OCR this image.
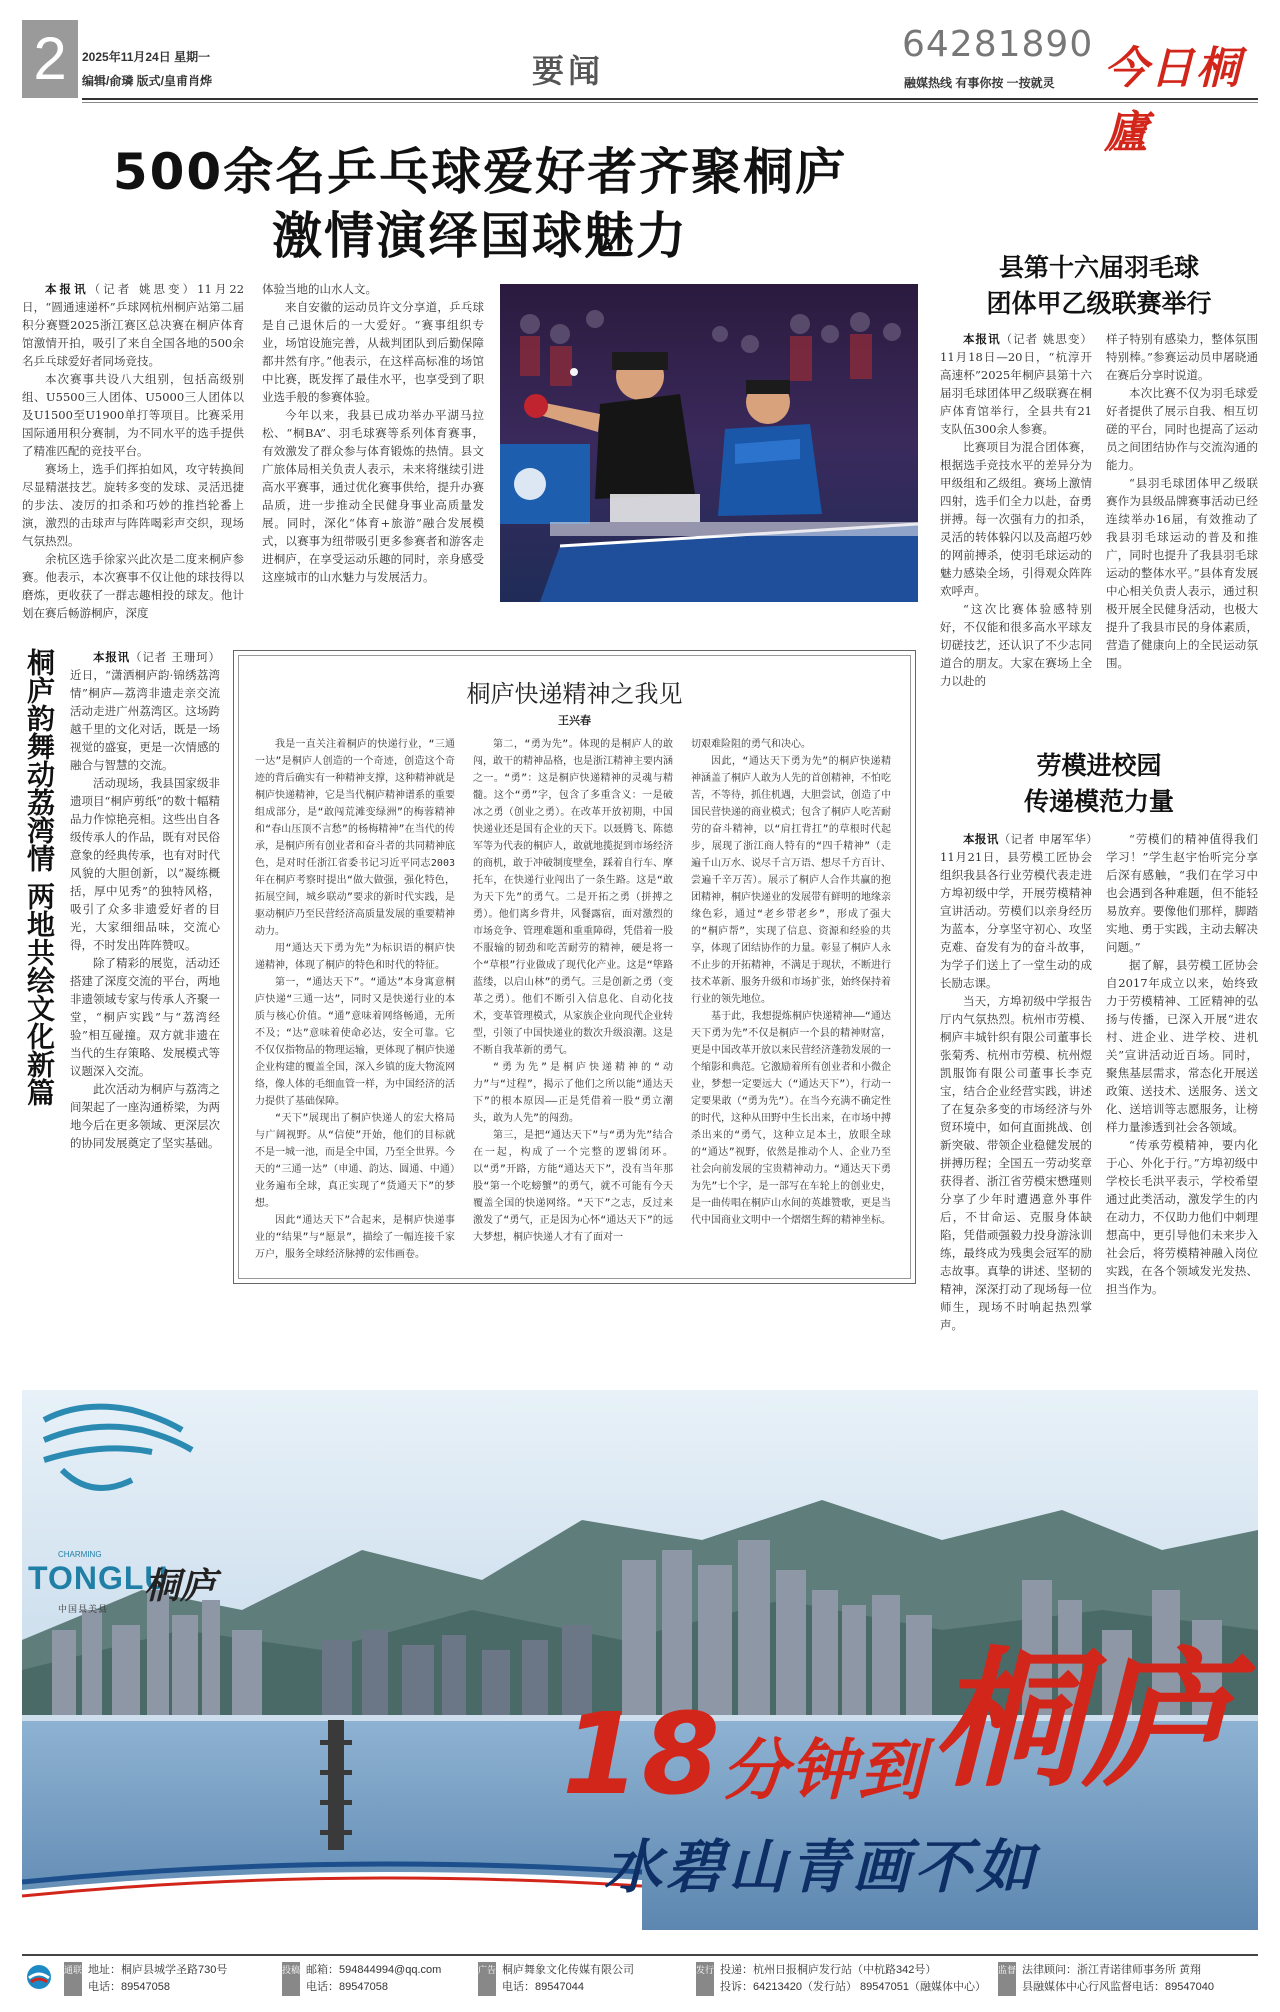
2	2025年11月24日 星期一
编辑/俞璘 版式/皇甫肖烨	要闻
64281890
融媒热线 有事你按 一按就灵 今日桐廬
500余名乒乓球爱好者齐聚桐庐
激情演绎国球魅力

本报讯（记者 姚思变）11月22日，“圆通速递杯”乒球网杭州桐庐站第二届积分赛暨2025浙江赛区总决赛在桐庐体育馆激情开拍，吸引了来自全国各地的500余名乒乓球爱好者同场竞技。

本次赛事共设八大组别，包括高级别组、U5500三人团体、U5000三人团体以及U1500至U1900单打等项目。比赛采用国际通用积分赛制，为不同水平的选手提供了精准匹配的竞技平台。

赛场上，选手们挥拍如风，攻守转换间尽显精湛技艺。旋转多变的发球、灵活迅捷的步法、凌厉的扣杀和巧妙的推挡轮番上演，激烈的击球声与阵阵喝彩声交织，现场气氛热烈。

余杭区选手徐家兴此次是二度来桐庐参赛。他表示，本次赛事不仅让他的球技得以磨炼，更收获了一群志趣相投的球友。他计划在赛后畅游桐庐，深度

体验当地的山水人文。

来自安徽的运动员许文分享道，乒乓球是自己退休后的一大爱好。“赛事组织专业，场馆设施完善，从裁判团队到后勤保障都井然有序。”他表示，在这样高标准的场馆中比赛，既发挥了最佳水平，也享受到了职业选手般的参赛体验。

今年以来，我县已成功举办平湖马拉松、“桐BA”、羽毛球赛等系列体育赛事，有效激发了群众参与体育锻炼的热情。县文广旅体局相关负责人表示，未来将继续引进高水平赛事，通过优化赛事供给，提升办赛品质，进一步推动全民健身事业高质量发展。同时，深化“体育+旅游”融合发展模式，以赛事为纽带吸引更多参赛者和游客走进桐庐，在享受运动乐趣的同时，亲身感受这座城市的山水魅力与发展活力。

县第十六届羽毛球
团体甲乙级联赛举行

本报讯（记者 姚思变）11月18日—20日，“杭淳开高速杯”2025年桐庐县第十六届羽毛球团体甲乙级联赛在桐庐体育馆举行，全县共有21支队伍300余人参赛。

比赛项目为混合团体赛，根据选手竞技水平的差异分为甲级组和乙级组。赛场上激情四射，选手们全力以赴，奋勇拼搏。每一次强有力的扣杀，灵活的转体躲闪以及高超巧妙的网前搏杀，使羽毛球运动的魅力感染全场，引得观众阵阵欢呼声。

“这次比赛体验感特别好，不仅能和很多高水平球友切磋技艺，还认识了不少志同道合的朋友。大家在赛场上全力以赴的

样子特别有感染力，整体氛围特别棒。”参赛运动员申屠晓通在赛后分享时说道。

本次比赛不仅为羽毛球爱好者提供了展示自我、相互切磋的平台，同时也提高了运动员之间团结协作与交流沟通的能力。

“县羽毛球团体甲乙级联赛作为县级品牌赛事活动已经连续举办16届，有效推动了我县羽毛球运动的普及和推广，同时也提升了我县羽毛球运动的整体水平。”县体育发展中心相关负责人表示，通过积极开展全民健身活动，也极大提升了我县市民的身体素质，营造了健康向上的全民运动氛围。

桐庐韵舞动荔湾情 两地共绘文化新篇	本报讯（记者 王珊珂）近日，“潇洒桐庐韵·锦绣荔湾情”桐庐—荔湾非遗走亲交流活动走进广州荔湾区。这场跨越千里的文化对话，既是一场视觉的盛宴，更是一次情感的融合与智慧的交流。

活动现场，我县国家级非遗项目“桐庐剪纸”的数十幅精品力作惊艳亮相。这些出自各级传承人的作品，既有对民俗意象的经典传承，也有对时代风貌的大胆创新，以“凝练概括，厚中见秀”的独特风格，吸引了众多非遗爱好者的目光，大家细细品味，交流心得，不时发出阵阵赞叹。

除了精彩的展览，活动还搭建了深度交流的平台，两地非遗领域专家与传承人齐聚一堂，“桐庐实践”与“荔湾经验”相互碰撞。双方就非遗在当代的生存策略、发展模式等议题深入交流。

此次活动为桐庐与荔湾之间架起了一座沟通桥梁，为两地今后在更多领域、更深层次的协同发展奠定了坚实基础。

桐庐快递精神之我见
王兴春

我是一直关注着桐庐的快递行业，“三通一达”是桐庐人创造的一个奇迹，创造这个奇迹的背后确实有一种精神支撑，这种精神就是桐庐快递精神，它是当代桐庐精神谱系的重要组成部分，是“敢闯荒滩变绿洲”的梅蓉精神和“春山压顶不言愁”的杨梅精神”在当代的传承，是桐庐所有创业者和奋斗者的共同精神底色，是对时任浙江省委书记习近平同志2003年在桐庐考察时提出“做大做强，强化特色，拓展空间，城乡联动”要求的新时代实践，是驱动桐庐乃至民营经济高质量发展的重要精神动力。

用“通达天下勇为先”为标识语的桐庐快递精神，体现了桐庐的特色和时代的特征。

第一，“通达天下”。“通达”本身寓意桐庐快递“三通一达”，同时又是快递行业的本质与核心价值。“通”意味着网络畅通，无所不及；“达”意味着使命必达，安全可靠。它不仅仅指物品的物理运输，更体现了桐庐快递企业构建的覆盖全国，深入乡镇的庞大物流网络，像人体的毛细血管一样，为中国经济的活力提供了基础保障。

“天下”展现出了桐庐快递人的宏大格局与广阔视野。从“信使”开始，他们的目标就不是一城一池，而是全中国，乃至全世界。今天的“三通一达”（申通、韵达、圆通、中通）业务遍布全球，真正实现了“货通天下”的梦想。

因此“通达天下”合起来，是桐庐快递事业的“结果”与“愿景”，描绘了一幅连接千家万户，服务全球经济脉搏的宏伟画卷。

第二，“勇为先”。体现的是桐庐人的敢闯，敢干的精神品格，也是浙江精神主要内涵之一。“勇”：这是桐庐快递精神的灵魂与精髓。这个“勇”字，包含了多重含义：一是破冰之勇（创业之勇）。在改革开放初期，中国快递业还是国有企业的天下。以聂腾飞、陈德军等为代表的桐庐人，敢就地揽捉到市场经济的商机，敢于冲破制度壁垒，踩着自行车、摩托车，在快递行业闯出了一条生路。这是“敢为天下先”的勇气。二是开拓之勇（拼搏之勇）。他们离乡背井，风餐露宿，面对激烈的市场竞争、管理难题和重重障碍，凭借着一股不服输的韧劲和吃苦耐劳的精神，硬是将一个“草根”行业做成了现代化产业。这是“筚路蓝缕，以启山林”的勇气。三是创新之勇（变革之勇）。他们不断引入信息化、自动化技术，变革管理模式，从家族企业向现代企业转型，引领了中国快递业的数次升级浪潮。这是不断自我革新的勇气。

“勇为先”是桐庐快递精神的“动力”与“过程”，揭示了他们之所以能“通达天下”的根本原因——正是凭借着一股“勇立潮头，敢为人先”的闯劲。

第三，是把“通达天下”与“勇为先”结合在一起，构成了一个完整的逻辑闭环。以“勇”开路，方能“通达天下”，没有当年那股“第一个吃螃蟹”的勇气，就不可能有今天覆盖全国的快递网络。“天下”之志，反过来激发了“勇气，正是因为心怀“通达天下”的远大梦想，桐庐快递人才有了面对一

切艰难险阻的勇气和决心。

因此，“通达天下勇为先”的桐庐快递精神涵盖了桐庐人敢为人先的首创精神，不怕吃苦，不等待，抓住机遇，大胆尝试，创造了中国民营快递的商业模式；包含了桐庐人吃苦耐劳的奋斗精神，以“肩扛背扛”的草根时代起步，展现了浙江商人特有的“四千精神”（走遍千山万水、说尽千言万语、想尽千方百计、尝遍千辛万苦）。展示了桐庐人合作共赢的抱团精神，桐庐快递业的发展带有鲜明的地缘亲缘色彩，通过“老乡带老乡”，形成了强大的“桐庐帮”，实现了信息、资源和经验的共享，体现了团结协作的力量。彰显了桐庐人永不止步的开拓精神，不满足于现状，不断进行技术革新、服务升级和市场扩张，始终保持着行业的领先地位。

基于此，我想提炼桐庐快递精神——“通达天下勇为先”不仅是桐庐一个县的精神财富，更是中国改革开放以来民营经济蓬勃发展的一个缩影和典范。它激励着所有创业者和小微企业，梦想一定要远大（“通达天下”），行动一定要果敢（“勇为先”）。在当今充满不确定性的时代，这种从田野中生长出来，在市场中搏杀出来的“勇气，这种立足本土，放眼全球的“通达”视野，依然是推动个人、企业乃至社会向前发展的宝贵精神动力。“通达天下勇为先”七个字，是一部写在车轮上的创业史，是一曲传唱在桐庐山水间的英雄赞歌，更是当代中国商业文明中一个熠熠生辉的精神坐标。

劳模进校园
传递模范力量

本报讯（记者 申屠军华）11月21日，县劳模工匠协会组织我县各行业劳模代表走进方埠初级中学，开展劳模精神宣讲活动。劳模们以亲身经历为蓝本，分享坚守初心、攻坚克难、奋发有为的奋斗故事，为学子们送上了一堂生动的成长励志课。

当天，方埠初级中学报告厅内气氛热烈。杭州市劳模、桐庐丰城针织有限公司董事长张菊秀、杭州市劳模、杭州煜凯服饰有限公司董事长李克宝，结合企业经营实践，讲述了在复杂多变的市场经济与外贸环境中，如何直面挑战、创新突破、带领企业稳健发展的拼搏历程；全国五一劳动奖章获得者、浙江省劳模宋懋瑾则分享了少年时遭遇意外事件后，不甘命运、克服身体缺陷，凭借顽强毅力投身游泳训练，最终成为残奥会冠军的励志故事。真挚的讲述、坚韧的精神，深深打动了现场每一位师生，现场不时响起热烈掌声。

“劳模们的精神值得我们学习！”学生赵宇怡听完分享后深有感触，“我们在学习中也会遇到各种难题，但不能轻易放弃。要像他们那样，脚踏实地、勇于实践，主动去解决问题。”

据了解，县劳模工匠协会自2017年成立以来，始终致力于劳模精神、工匠精神的弘扬与传播，已深入开展“进农村、进企业、进学校、进机关”宣讲活动近百场。同时，聚焦基层需求，常态化开展送政策、送技术、送服务、送文化、送培训等志愿服务，让榜样力量渗透到社会各领域。

“传承劳模精神，要内化于心、外化于行。”方埠初级中学校长毛洪平表示，学校希望通过此类活动，激发学生的内在动力，不仅助力他们中刺理想高中，更引导他们未来步入社会后，将劳模精神融入岗位实践，在各个领域发光发热、担当作为。

CHARMING
TONGLU
桐庐
中国县美县
18分钟到 桐庐
水碧山青画不如
通联 地址：桐庐县城学圣路730号
电话：89547058
投稿 邮箱：594844994@qq.com
电话：89547058
广告 桐庐舞象文化传媒有限公司
电话：89547044
发行 投递：杭州日报桐庐发行站（中杭路342号）
投诉：64213420（发行站） 89547051（融媒体中心）
监督 法律顾问：浙江青诺律师事务所 黄翔
县融媒体中心行风监督电话：89547040
